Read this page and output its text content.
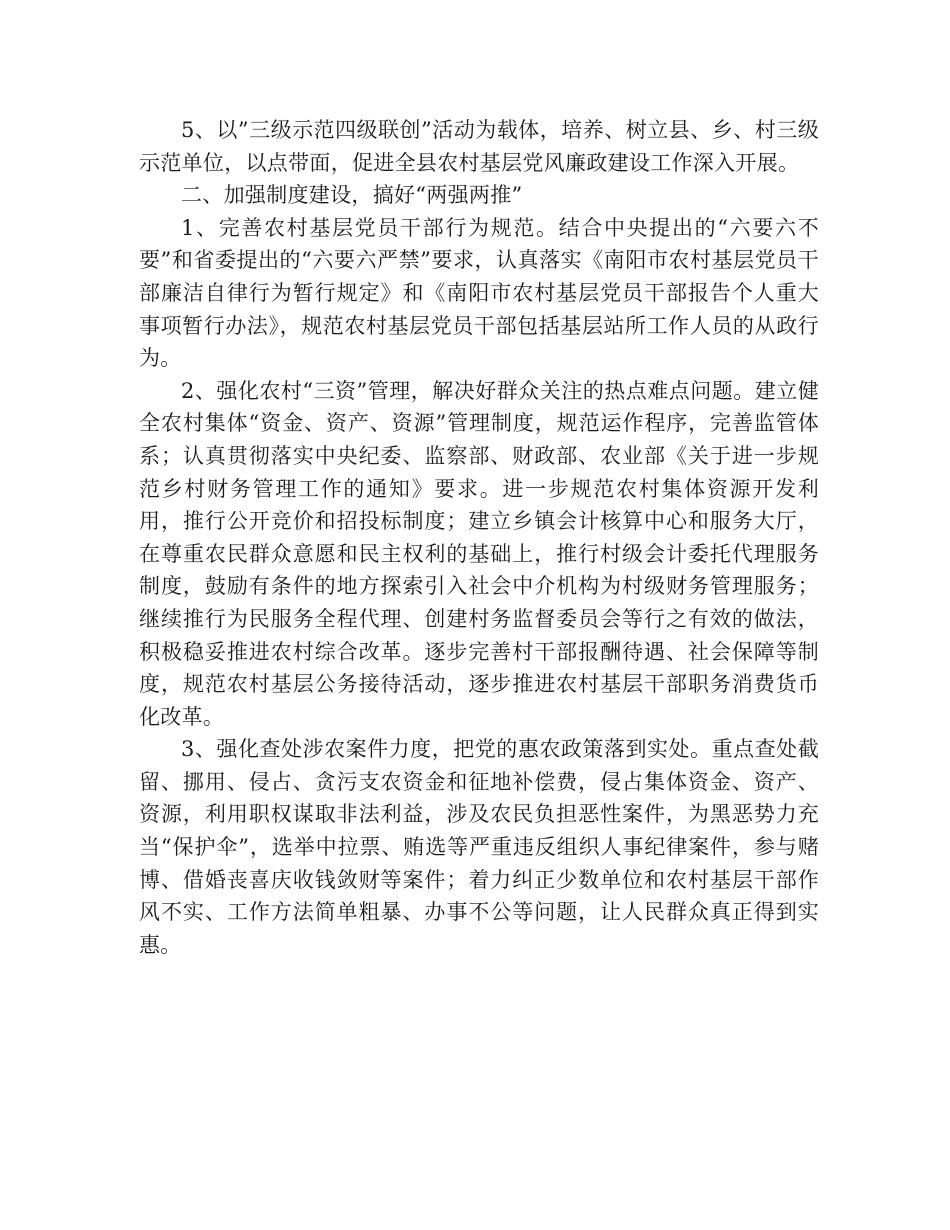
5、以”三级示范四级联创”活动为载体，培养、树立县、乡、村三级示范单位，以点带面，促进全县农村基层党风廉政建设工作深入开展。

二、加强制度建设，搞好“两强两推”

1、完善农村基层党员干部行为规范。结合中央提出的“六要六不要”和省委提出的“六要六严禁”要求，认真落实《南阳市农村基层党员干部廉洁自律行为暂行规定》和《南阳市农村基层党员干部报告个人重大事项暂行办法》，规范农村基层党员干部包括基层站所工作人员的从政行为。

2、强化农村“三资”管理，解决好群众关注的热点难点问题。建立健全农村集体“资金、资产、资源”管理制度，规范运作程序，完善监管体系；认真贯彻落实中央纪委、监察部、财政部、农业部《关于进一步规范乡村财务管理工作的通知》要求。进一步规范农村集体资源开发利用，推行公开竞价和招投标制度；建立乡镇会计核算中心和服务大厅，在尊重农民群众意愿和民主权利的基础上，推行村级会计委托代理服务制度，鼓励有条件的地方探索引入社会中介机构为村级财务管理服务；继续推行为民服务全程代理、创建村务监督委员会等行之有效的做法，积极稳妥推进农村综合改革。逐步完善村干部报酬待遇、社会保障等制度，规范农村基层公务接待活动，逐步推进农村基层干部职务消费货币化改革。

3、强化查处涉农案件力度，把党的惠农政策落到实处。重点查处截留、挪用、侵占、贪污支农资金和征地补偿费，侵占集体资金、资产、资源，利用职权谋取非法利益，涉及农民负担恶性案件，为黑恶势力充当“保护伞”，选举中拉票、贿选等严重违反组织人事纪律案件，参与赌博、借婚丧喜庆收钱敛财等案件；着力纠正少数单位和农村基层干部作风不实、工作方法简单粗暴、办事不公等问题，让人民群众真正得到实惠。
